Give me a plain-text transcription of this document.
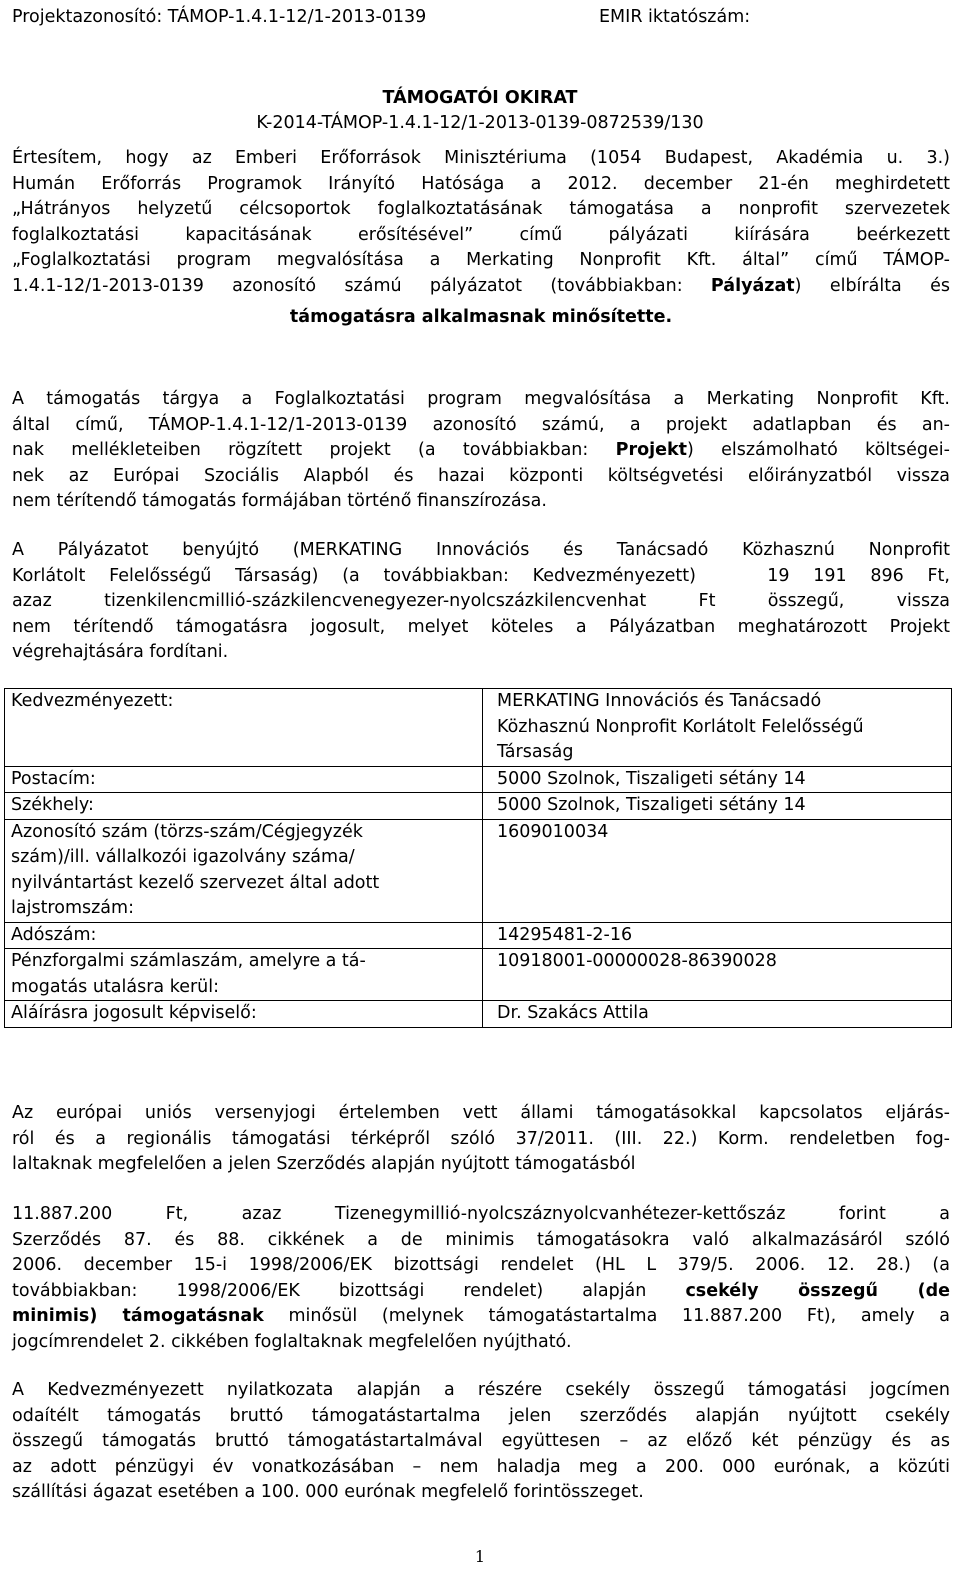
Projektazonosító: TÁMOP-1.4.1-12/1-2013-0139	EMIR iktatószám:
TÁMOGATÓI OKIRAT
K-2014-TÁMOP-1.4.1-12/1-2013-0139-0872539/130
Értesítem, hogy az Emberi Erőforrások Minisztériuma (1054 Budapest, Akadémia u. 3.)
Humán Erőforrás Programok Irányító Hatósága a 2012. december 21-én meghirdetett
„Hátrányos helyzetű célcsoportok foglalkoztatásának támogatása a nonprofit szervezetek
foglalkoztatási kapacitásának erősítésével” című pályázati kiírására beérkezett
„Foglalkoztatási program megvalósítása a Merkating Nonprofit Kft. által” című TÁMOP-
1.4.1-12/1-2013-0139 azonosító számú pályázatot (továbbiakban: Pályázat) elbírálta és
támogatásra alkalmasnak minősítette.
A támogatás tárgya a Foglalkoztatási program megvalósítása a Merkating Nonprofit Kft.
által című, TÁMOP-1.4.1-12/1-2013-0139 azonosító számú, a projekt adatlapban és an-
nak mellékleteiben rögzített projekt (a továbbiakban: Projekt) elszámolható költségei-
nek az Európai Szociális Alapból és hazai központi költségvetési előirányzatból vissza
nem térítendő támogatás formájában történő finanszírozása.
A Pályázatot benyújtó (MERKATING Innovációs és Tanácsadó Közhasznú Nonprofit
Korlátolt Felelősségű Társaság) (a továbbiakban: Kedvezményezett)   19 191 896 Ft,
azaz tizenkilencmillió-százkilencvenegyezer-nyolcszázkilencvenhat Ft összegű, vissza
nem térítendő támogatásra jogosult, melyet köteles a Pályázatban meghatározott Projekt
végrehajtására fordítani.
Kedvezményezett:	MERKATING Innovációs és Tanácsadó
Közhasznú Nonprofit Korlátolt Felelősségű
Társaság

Postacím:	5000 Szolnok, Tiszaligeti sétány 14
Székhely:	5000 Szolnok, Tiszaligeti sétány 14

Azonosító szám (törzs-szám/Cégjegyzék
szám)/ill. vállalkozói igazolvány száma/
nyilvántartást kezelő szervezet által adott
lajstromszám:	1609010034
Adószám:	14295481-2-16

Pénzforgalmi számlaszám, amelyre a tá-
mogatás utalásra kerül:	10918001-00000028-86390028
Aláírásra jogosult képviselő:	Dr. Szakács Attila
Az európai uniós versenyjogi értelemben vett állami támogatásokkal kapcsolatos eljárás-
ról és a regionális támogatási térképről szóló 37/2011. (III. 22.) Korm. rendeletben fog-
laltaknak megfelelően a jelen Szerződés alapján nyújtott támogatásból
11.887.200 Ft, azaz Tizenegymillió-nyolcszáznyolcvanhétezer-kettőszáz forint a
Szerződés 87. és 88. cikkének a de minimis támogatásokra való alkalmazásáról szóló
2006. december 15-i 1998/2006/EK bizottsági rendelet (HL L 379/5. 2006. 12. 28.) (a
továbbiakban: 1998/2006/EK bizottsági rendelet) alapján csekély összegű (de
minimis) támogatásnak minősül (melynek támogatástartalma 11.887.200 Ft), amely a
jogcímrendelet 2. cikkében foglaltaknak megfelelően nyújtható.
A Kedvezményezett nyilatkozata alapján a részére csekély összegű támogatási jogcímen
odaítélt támogatás bruttó támogatástartalma jelen szerződés alapján nyújtott csekély
összegű támogatás bruttó támogatástartalmával együttesen – az előző két pénzügy és as
az adott pénzügyi év vonatkozásában – nem haladja meg a 200. 000 eurónak, a közúti
szállítási ágazat esetében a 100. 000 eurónak megfelelő forintösszeget.
1
